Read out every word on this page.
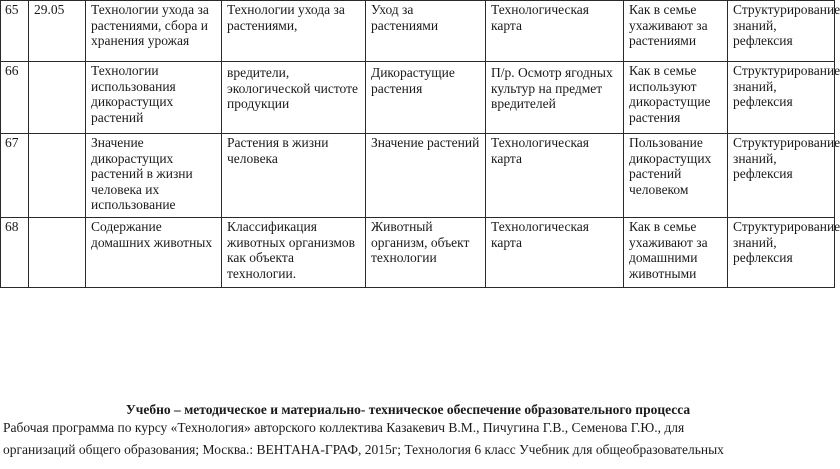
65	29.05	Технологии ухода за растениями, сбора и хранения урожая	Технологии ухода за растениями,	Уход за растениями	Технологическая карта	Как в семье ухаживают за растениями	Структурирование знаний, рефлексия
66		Технологии использования дикорастущих растений	вредители, экологической чистоте продукции	Дикорастущие растения	П/р. Осмотр ягодных культур на предмет вредителей	Как в семье используют дикорастущие растения	Структурирование знаний, рефлексия
67		Значение дикорастущих растений в жизни человека их использование	Растения в жизни человека	Значение растений	Технологическая карта	Пользование дикорастущих растений человеком	Структурирование знаний, рефлексия
68		Содержание домашних животных	Классификация животных организмов как объекта технологии.	Животный организм, объект технологии	Технологическая карта	Как в семье ухаживают за домашними животными	Структурирование знаний, рефлексия
Учебно – методическое и материально- техническое обеспечение образовательного процесса
Рабочая программа по курсу «Технология» авторского коллектива Казакевич В.М., Пичугина Г.В., Семенова Г.Ю., для
организаций общего образования; Москва.: ВЕНТАНА-ГРАФ, 2015г; Технология 6 класс Учебник для общеобразовательных
